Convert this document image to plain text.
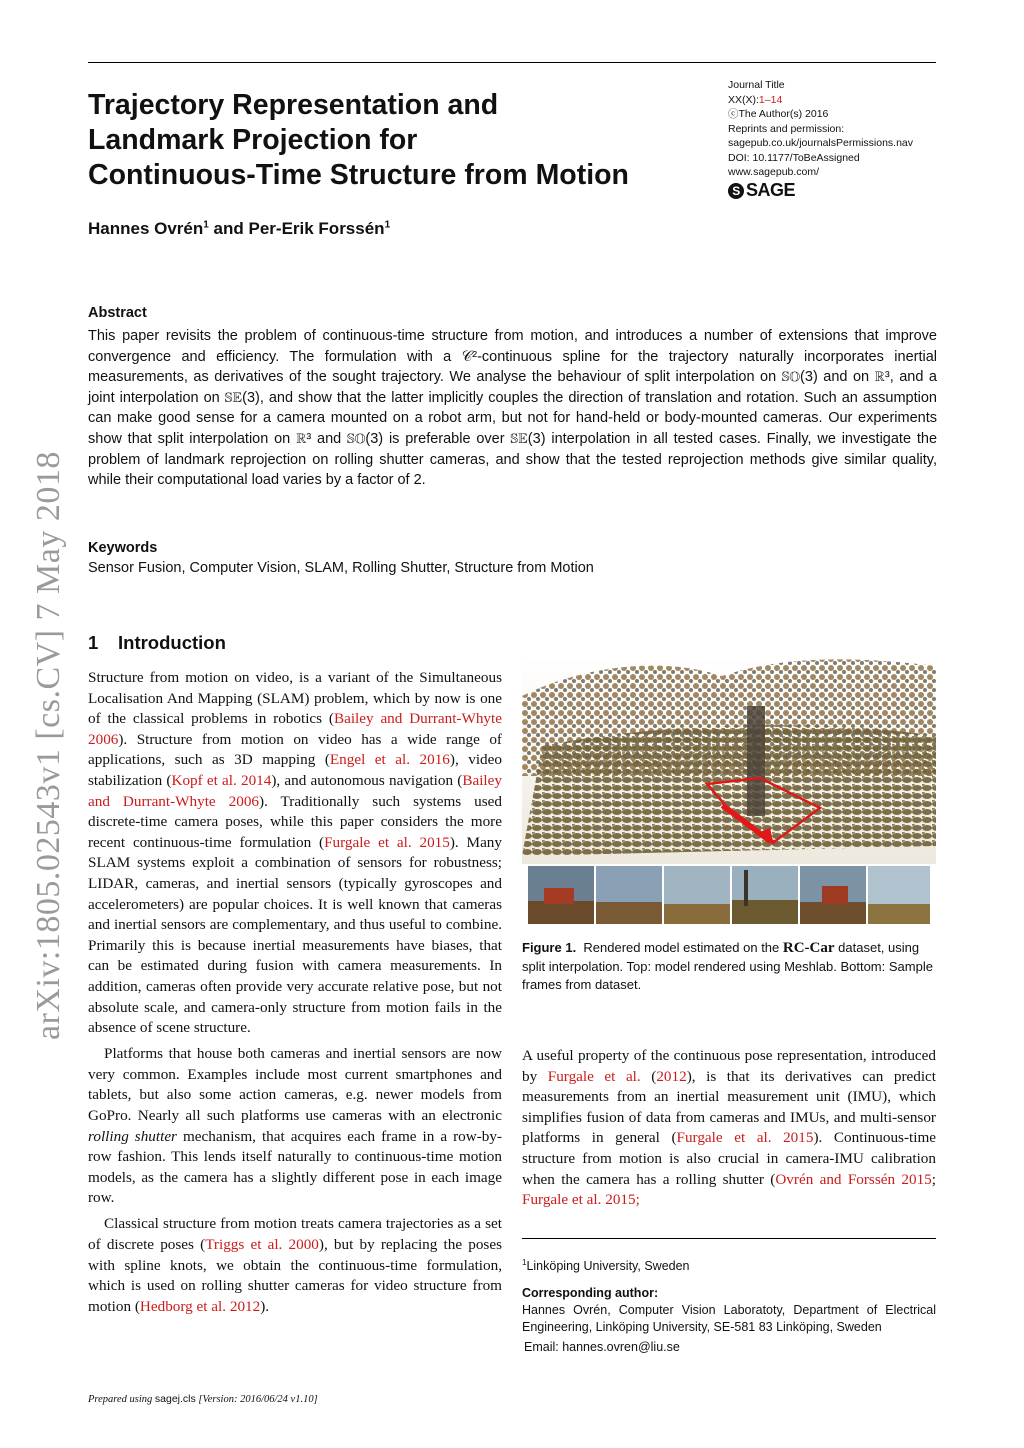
Journal Title
XX(X):1–14
ⓒThe Author(s) 2016
Reprints and permission:
sagepub.co.uk/journalsPermissions.nav
DOI: 10.1177/ToBeAssigned
www.sagepub.com/
S SAGE
Trajectory Representation and
Landmark Projection for
Continuous-Time Structure from Motion
Hannes Ovrén$^1$ and Per-Erik Forssén$^1$
Abstract
This paper revisits the problem of continuous-time structure from motion, and introduces a number of extensions that improve convergence and efficiency. The formulation with a 𝒞²-continuous spline for the trajectory naturally incorporates inertial measurements, as derivatives of the sought trajectory. We analyse the behaviour of split interpolation on 𝕊𝕆(3) and on ℝ³, and a joint interpolation on 𝕊𝔼(3), and show that the latter implicitly couples the direction of translation and rotation. Such an assumption can make good sense for a camera mounted on a robot arm, but not for hand-held or body-mounted cameras. Our experiments show that split interpolation on ℝ³ and 𝕊𝕆(3) is preferable over 𝕊𝔼(3) interpolation in all tested cases. Finally, we investigate the problem of landmark reprojection on rolling shutter cameras, and show that the tested reprojection methods give similar quality, while their computational load varies by a factor of 2.
Keywords
Sensor Fusion, Computer Vision, SLAM, Rolling Shutter, Structure from Motion
arXiv:1805.02543v1 [cs.CV] 7 May 2018 1 Introduction

Structure from motion on video, is a variant of the Simultaneous Localisation And Mapping (SLAM) problem, which by now is one of the classical problems in robotics (Bailey and Durrant-Whyte 2006). Structure from motion on video has a wide range of applications, such as 3D mapping (Engel et al. 2016), video stabilization (Kopf et al. 2014), and autonomous navigation (Bailey and Durrant-Whyte 2006). Traditionally such systems used discrete-time camera poses, while this paper considers the more recent continuous-time formulation (Furgale et al. 2015). Many SLAM systems exploit a combination of sensors for robustness; LIDAR, cameras, and inertial sensors (typically gyroscopes and accelerometers) are popular choices. It is well known that cameras and inertial sensors are complementary, and thus useful to combine. Primarily this is because inertial measurements have biases, that can be estimated during fusion with camera measurements. In addition, cameras often provide very accurate relative pose, but not absolute scale, and camera-only structure from motion fails in the absence of scene structure.

Platforms that house both cameras and inertial sensors are now very common. Examples include most current smartphones and tablets, but also some action cameras, e.g. newer models from GoPro. Nearly all such platforms use cameras with an electronic rolling shutter mechanism, that acquires each frame in a row-by-row fashion. This lends itself naturally to continuous-time motion models, as the camera has a slightly different pose in each image row.

Classical structure from motion treats camera trajectories as a set of discrete poses (Triggs et al. 2000), but by replacing the poses with spline knots, we obtain the continuous-time formulation, which is used on rolling shutter cameras for video structure from motion (Hedborg et al. 2012).

Figure 1. Rendered model estimated on the RC-Car dataset, using split interpolation. Top: model rendered using Meshlab. Bottom: Sample frames from dataset.

A useful property of the continuous pose representation, introduced by Furgale et al. (2012), is that its derivatives can predict measurements from an inertial measurement unit (IMU), which simplifies fusion of data from cameras and IMUs, and multi-sensor platforms in general (Furgale et al. 2015). Continuous-time structure from motion is also crucial in camera-IMU calibration when the camera has a rolling shutter (Ovrén and Forssén 2015; Furgale et al. 2015;

$^1$Linköping University, Sweden
Corresponding author:
Hannes Ovrén, Computer Vision Laboratoty, Department of Electrical Engineering, Linköping University, SE-581 83 Linköping, Sweden
Email: hannes.ovren@liu.se
Prepared using sagej.cls [Version: 2016/06/24 v1.10]
